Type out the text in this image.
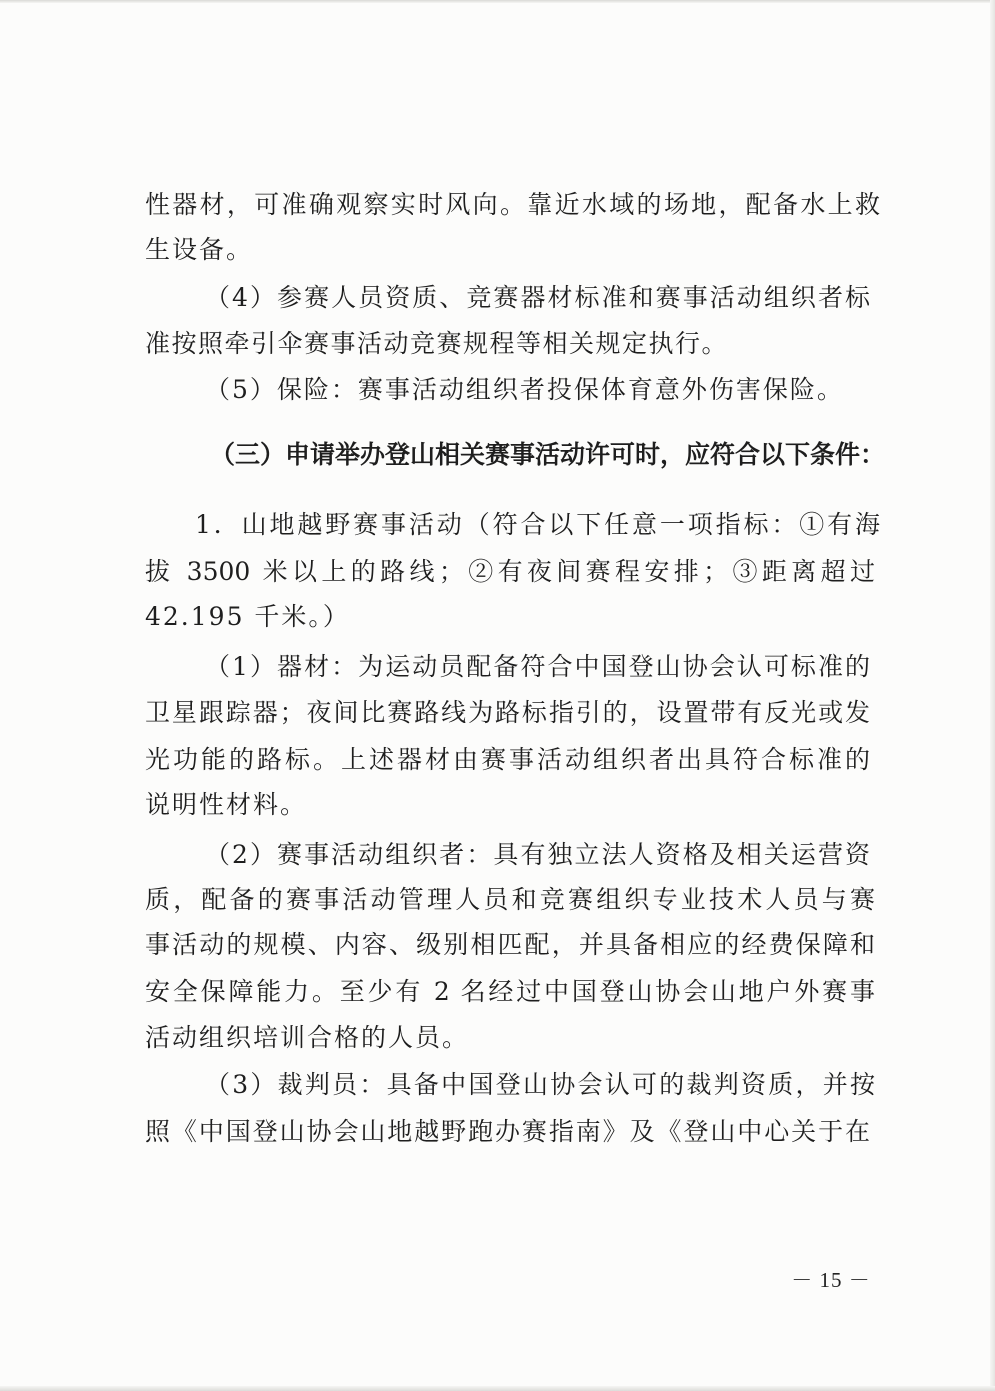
性器材，可准确观察实时风向。靠近水域的场地，配备水上救
生设备。
（4）参赛人员资质、竞赛器材标准和赛事活动组织者标
准按照牵引伞赛事活动竞赛规程等相关规定执行。
（5）保险：赛事活动组织者投保体育意外伤害保险。
（三）申请举办登山相关赛事活动许可时，应符合以下条件：
1．山地越野赛事活动（符合以下任意一项指标：①有海
拔 3500 米以上的路线；②有夜间赛程安排；③距离超过
42.195 千米。）
（1）器材：为运动员配备符合中国登山协会认可标准的
卫星跟踪器；夜间比赛路线为路标指引的，设置带有反光或发
光功能的路标。上述器材由赛事活动组织者出具符合标准的
说明性材料。
（2）赛事活动组织者：具有独立法人资格及相关运营资
质，配备的赛事活动管理人员和竞赛组织专业技术人员与赛
事活动的规模、内容、级别相匹配，并具备相应的经费保障和
安全保障能力。至少有 2 名经过中国登山协会山地户外赛事
活动组织培训合格的人员。
（3）裁判员：具备中国登山协会认可的裁判资质，并按
照《中国登山协会山地越野跑办赛指南》及《登山中心关于在
－ 15 －
